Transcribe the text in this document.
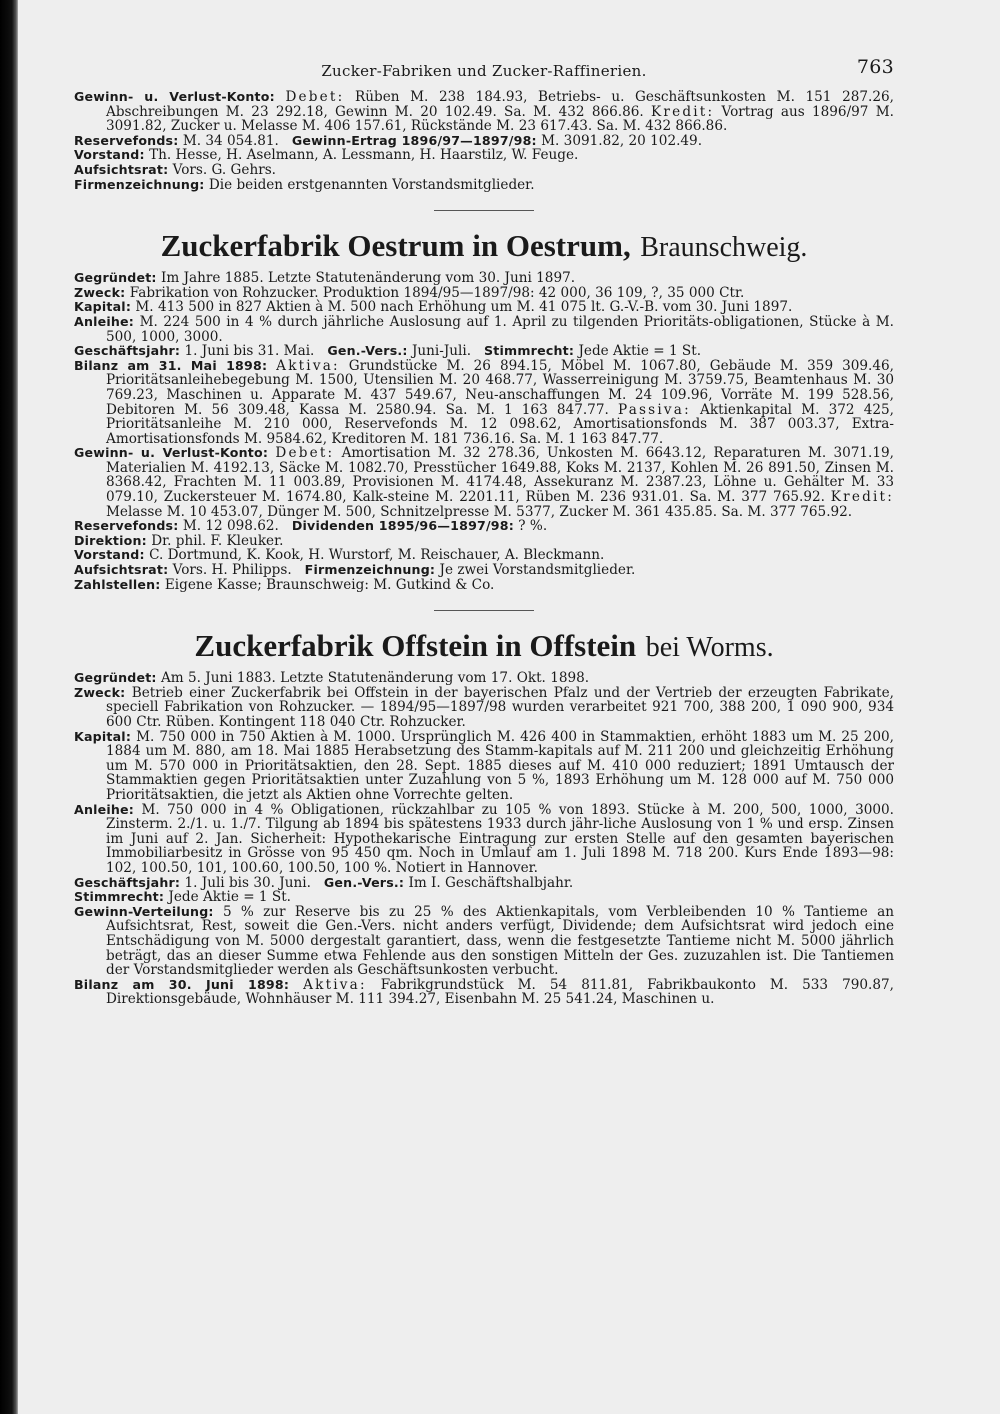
Zucker-Fabriken und Zucker-Raffinerien.	763

Gewinn- u. Verlust-Konto: Debet: Rüben M. 238 184.93, Betriebs- u. Geschäftsunkosten M. 151 287.26, Abschreibungen M. 23 292.18, Gewinn M. 20 102.49. Sa. M. 432 866.86. Kredit: Vortrag aus 1896/97 M. 3091.82, Zucker u. Melasse M. 406 157.61, Rückstände M. 23 617.43. Sa. M. 432 866.86.

Reservefonds: M. 34 054.81. Gewinn-Ertrag 1896/97—1897/98: M. 3091.82, 20 102.49.

Vorstand: Th. Hesse, H. Aselmann, A. Lessmann, H. Haarstilz, W. Feuge.

Aufsichtsrat: Vors. G. Gehrs.

Firmenzeichnung: Die beiden erstgenannten Vorstandsmitglieder.

Zuckerfabrik Oestrum in Oestrum, Braunschweig.

Gegründet: Im Jahre 1885. Letzte Statutenänderung vom 30. Juni 1897.

Zweck: Fabrikation von Rohzucker. Produktion 1894/95—1897/98: 42 000, 36 109, ?, 35 000 Ctr.

Kapital: M. 413 500 in 827 Aktien à M. 500 nach Erhöhung um M. 41 075 lt. G.-V.-B. vom 30. Juni 1897.

Anleihe: M. 224 500 in 4 % durch jährliche Auslosung auf 1. April zu tilgenden Prioritäts-obligationen, Stücke à M. 500, 1000, 3000.

Geschäftsjahr: 1. Juni bis 31. Mai. Gen.-Vers.: Juni-Juli. Stimmrecht: Jede Aktie = 1 St.

Bilanz am 31. Mai 1898: Aktiva: Grundstücke M. 26 894.15, Möbel M. 1067.80, Gebäude M. 359 309.46, Prioritätsanleihebegebung M. 1500, Utensilien M. 20 468.77, Wasserreinigung M. 3759.75, Beamtenhaus M. 30 769.23, Maschinen u. Apparate M. 437 549.67, Neu-anschaffungen M. 24 109.96, Vorräte M. 199 528.56, Debitoren M. 56 309.48, Kassa M. 2580.94. Sa. M. 1 163 847.77. Passiva: Aktienkapital M. 372 425, Prioritätsanleihe M. 210 000, Reservefonds M. 12 098.62, Amortisationsfonds M. 387 003.37, Extra-Amortisationsfonds M. 9584.62, Kreditoren M. 181 736.16. Sa. M. 1 163 847.77.

Gewinn- u. Verlust-Konto: Debet: Amortisation M. 32 278.36, Unkosten M. 6643.12, Reparaturen M. 3071.19, Materialien M. 4192.13, Säcke M. 1082.70, Presstücher 1649.88, Koks M. 2137, Kohlen M. 26 891.50, Zinsen M. 8368.42, Frachten M. 11 003.89, Provisionen M. 4174.48, Assekuranz M. 2387.23, Löhne u. Gehälter M. 33 079.10, Zuckersteuer M. 1674.80, Kalk-steine M. 2201.11, Rüben M. 236 931.01. Sa. M. 377 765.92. Kredit: Melasse M. 10 453.07, Dünger M. 500, Schnitzelpresse M. 5377, Zucker M. 361 435.85. Sa. M. 377 765.92.

Reservefonds: M. 12 098.62. Dividenden 1895/96—1897/98: ? %.

Direktion: Dr. phil. F. Kleuker.

Vorstand: C. Dortmund, K. Kook, H. Wurstorf, M. Reischauer, A. Bleckmann.

Aufsichtsrat: Vors. H. Philipps. Firmenzeichnung: Je zwei Vorstandsmitglieder.

Zahlstellen: Eigene Kasse; Braunschweig: M. Gutkind & Co.

Zuckerfabrik Offstein in Offstein bei Worms.

Gegründet: Am 5. Juni 1883. Letzte Statutenänderung vom 17. Okt. 1898.

Zweck: Betrieb einer Zuckerfabrik bei Offstein in der bayerischen Pfalz und der Vertrieb der erzeugten Fabrikate, speciell Fabrikation von Rohzucker. — 1894/95—1897/98 wurden verarbeitet 921 700, 388 200, 1 090 900, 934 600 Ctr. Rüben. Kontingent 118 040 Ctr. Rohzucker.

Kapital: M. 750 000 in 750 Aktien à M. 1000. Ursprünglich M. 426 400 in Stammaktien, erhöht 1883 um M. 25 200, 1884 um M. 880, am 18. Mai 1885 Herabsetzung des Stamm-kapitals auf M. 211 200 und gleichzeitig Erhöhung um M. 570 000 in Prioritätsaktien, den 28. Sept. 1885 dieses auf M. 410 000 reduziert; 1891 Umtausch der Stammaktien gegen Prioritätsaktien unter Zuzahlung von 5 %, 1893 Erhöhung um M. 128 000 auf M. 750 000 Prioritätsaktien, die jetzt als Aktien ohne Vorrechte gelten.

Anleihe: M. 750 000 in 4 % Obligationen, rückzahlbar zu 105 % von 1893. Stücke à M. 200, 500, 1000, 3000. Zinsterm. 2./1. u. 1./7. Tilgung ab 1894 bis spätestens 1933 durch jähr-liche Auslosung von 1 % und ersp. Zinsen im Juni auf 2. Jan. Sicherheit: Hypothekarische Eintragung zur ersten Stelle auf den gesamten bayerischen Immobiliarbesitz in Grösse von 95 450 qm. Noch in Umlauf am 1. Juli 1898 M. 718 200. Kurs Ende 1893—98: 102, 100.50, 101, 100.60, 100.50, 100 %. Notiert in Hannover.

Geschäftsjahr: 1. Juli bis 30. Juni. Gen.-Vers.: Im I. Geschäftshalbjahr.

Stimmrecht: Jede Aktie = 1 St.

Gewinn-Verteilung: 5 % zur Reserve bis zu 25 % des Aktienkapitals, vom Verbleibenden 10 % Tantieme an Aufsichtsrat, Rest, soweit die Gen.-Vers. nicht anders verfügt, Dividende; dem Aufsichtsrat wird jedoch eine Entschädigung von M. 5000 dergestalt garantiert, dass, wenn die festgesetzte Tantieme nicht M. 5000 jährlich beträgt, das an dieser Summe etwa Fehlende aus den sonstigen Mitteln der Ges. zuzuzahlen ist. Die Tantiemen der Vorstandsmitglieder werden als Geschäftsunkosten verbucht.

Bilanz am 30. Juni 1898: Aktiva: Fabrikgrundstück M. 54 811.81, Fabrikbaukonto M. 533 790.87, Direktionsgebäude, Wohnhäuser M. 111 394.27, Eisenbahn M. 25 541.24, Maschinen u.
